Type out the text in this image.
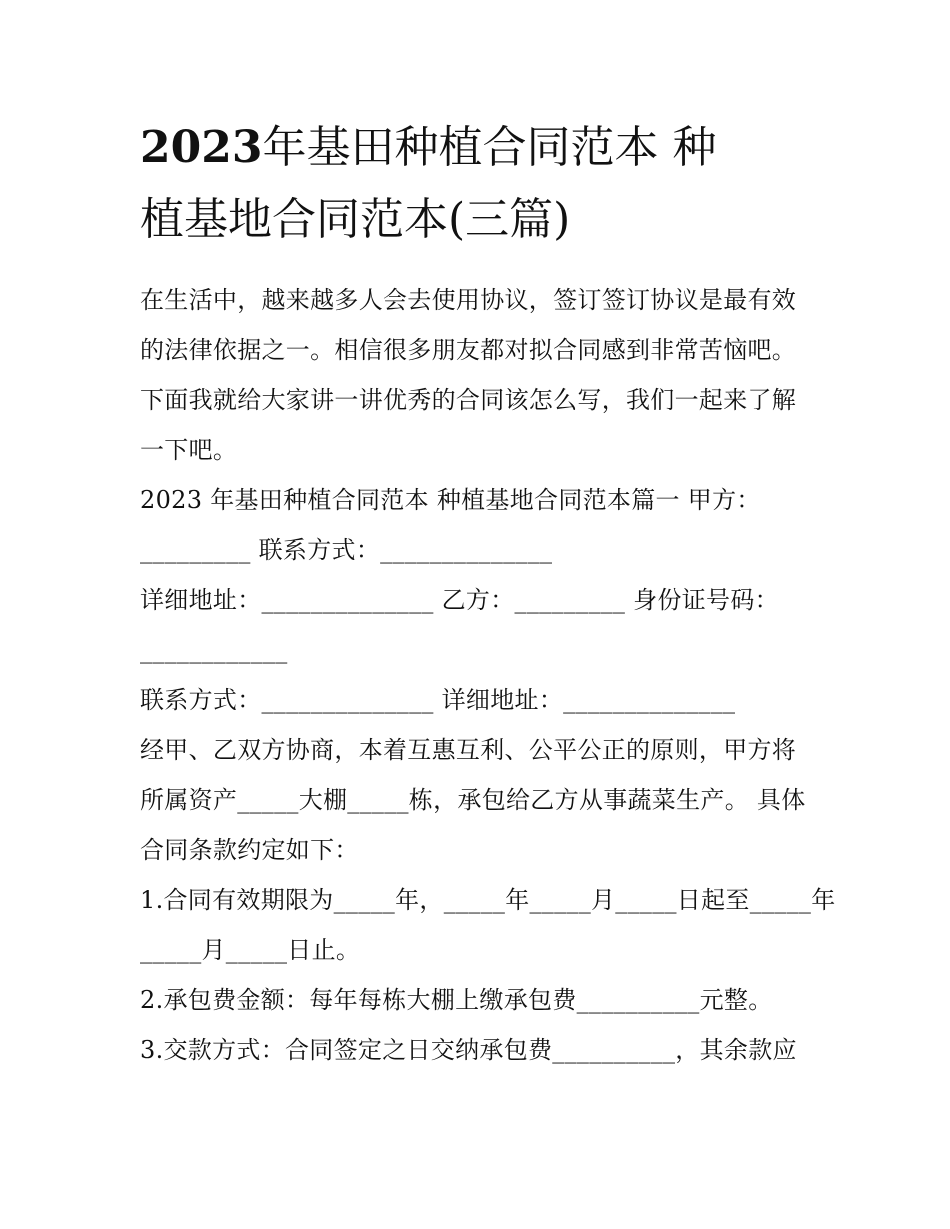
2023年基田种植合同范本 种
植基地合同范本(三篇)
在生活中，越来越多人会去使用协议，签订签订协议是最有效
的法律依据之一。相信很多朋友都对拟合同感到非常苦恼吧。
下面我就给大家讲一讲优秀的合同该怎么写，我们一起来了解
一下吧。
2023 年基田种植合同范本 种植基地合同范本篇一 甲方：
_________ 联系方式：______________
详细地址：______________ 乙方：_________ 身份证号码：
____________
联系方式：______________ 详细地址：______________
经甲、乙双方协商，本着互惠互利、公平公正的原则，甲方将
所属资产_____大棚_____栋，承包给乙方从事蔬菜生产。 具体
合同条款约定如下：
1.合同有效期限为_____年，_____年_____月_____日起至_____年
_____月_____日止。
2.承包费金额：每年每栋大棚上缴承包费__________元整。
3.交款方式：合同签定之日交纳承包费__________，其余款应
